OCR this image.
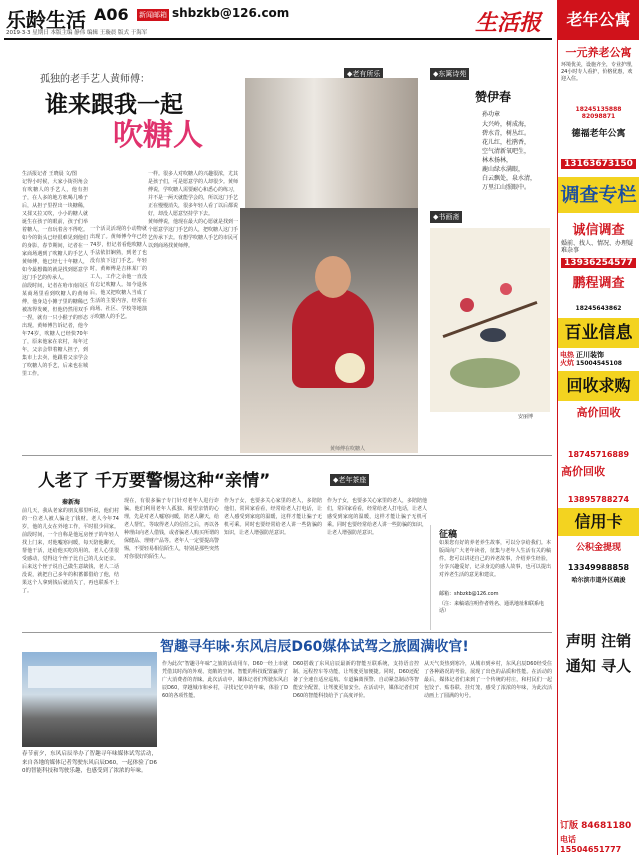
乐龄生活 A06 新闻邮箱 shbzkb@126.com
2019·3·3 星期日 本版主编 静伟 编辑 王璇晨 版式 于海军	生活报
孤独的老手艺人黄师傅：
谁来跟我一起
吹糖人
◆老有所乐
生活报记者 王晓晨 文/图
记得小时候，大家小街拐角会有吹糖人的手艺人，他有担子，在人多的地方吆喝几嗓子后，从担子里捏出一块糖稀，又揉又拉又吹，小小的糖人就诞生在孩子的眼前，孩子们举着糖人，一直玩着舍不得吃。如今的街头已经很难见到他们的身影，春节期间，记者在一家商场遇到了吹糖人的手艺人黄师傅，他已经七十年糖人，如今最想做的就是找到愿意学这门手艺的传承人。
前段时间，记者在哈市南岗区某商场里看到吹糖人的黄师傅，他身边小摊子里的糖稀已被冻得发硬，但他仍然用双手一捏，就有一只小猴子的形态出现。黄师傅告诉记者，他今年74岁，吹糖人已经快70年了，原来他家在农村，每年过年，父亲会带着糖人担子，到集市上去卖，他跟着父亲学会了吹糖人的手艺，后来也在城里工作。
一个活灵活现的小动物就出现了。黄师傅今年已经74岁，但记者看他吹糖人手法依旧娴熟，到老了也没有放下这门手艺。年轻时，黄师傅是吉林某厂的工人，工作之余他一直没有忘记吹糖人。如今退休后，他又把吹糖人当成了生活的主要内容，经常在商场、社区、学校等地演示吹糖人的手艺。
一样。很多人对吹糖人的兴趣很浓，尤其是孩子们，可是愿意学的人却很少。黄师傅说，学吹糖人需要耐心和悉心的练习，并不是一两天就能学会的，所以这门手艺正在慢慢消失，很多年轻人看了以后都说好，却没人愿意坚持学下去。
黄师傅说，他现在最大的心愿就是找到一个愿意学这门手艺的人，把吹糖人这门手艺传承下去。有想学吹糖人手艺的市民可以到商场找黄师傅。
黄师傅在吹糖人
◆东篱诗苑
赞伊春
孙功章
大兴岭，树成海，
碧水青，树丛红。
花儿红，杜鹃香，
空气清新氧吧生，
林木扬林，
鹿山绿水满眼，
白云飘处，泉水清，
万里江山照眼中。
◆书画斋
安丽博
人老了 千万要警惕这种“亲情”	◆老年茶座
秦新海
前几天，我从老家的朋友那里听说，他们村的一位老人被人骗走了钱财。老人今年74岁，他的儿女在外地工作，平时很少回家。前段时间，一个自称是他远房侄子的年轻人找上门来，对他嘘寒问暖，每天陪他聊天，帮他干活，还给他买吃的用的。老人心里很受感动，觉得这个侄子比自己的儿女还亲。后来这个侄子说自己做生意缺钱，老人二话没说，就把自己多年的积蓄都借给了他，结果这个人拿到钱后就消失了，再也联系不上了。
现在，有很多骗子专门针对老年人进行诈骗。他们利用老年人孤独、渴望亲情的心理，先是对老人嘘寒问暖，陪老人聊天，给老人帮忙，等取得老人的信任之后，再以各种理由向老人借钱，或者骗老人购买所谓的保健品、理财产品等。老年人一定要提高警惕，不要轻易相信陌生人，特别是那些突然对你很好的陌生人。
作为子女，也要多关心家里的老人，多陪陪他们，常回家看看，经常给老人打电话，让老人感受到家庭的温暖，这样才能让骗子无机可乘。同时也要经常给老人讲一些防骗的知识，让老人增强防范意识。
作为子女，也要多关心家里的老人，多陪陪他们，常回家看看，经常给老人打电话，让老人感受到家庭的温暖，这样才能让骗子无机可乘。同时也要经常给老人讲一些防骗的知识，让老人增强防范意识。	征稿
如果您有好的养老养生故事，可以分享给我们。本版面向广大老年读者，征集与老年人生活有关的稿件。您可以讲述自己的养老故事，介绍养生经验，分享兴趣爱好，记录身边的感人故事，也可以提出对养老生活的意见和建议。
邮箱：shbzkb@126.com
（注：来稿请注明作者姓名、通讯地址和联系电话）
智趣寻年味·东风启辰D60媒体试驾之旅圆满收官!
春节前夕，东风启辰举办了智趣寻年味媒体试驾活动，来自各地的媒体记者驾驶东风启辰D60，一起体验了D60的智能科技和驾驶乐趣，也感受到了浓浓的年味。
作为此次“智趣寻年味”之旅的活动用车，D60一经上市就凭借其时尚的外观、宽敞的空间、智能的科技配置赢得了广大消费者的青睐。此次活动中，媒体记者们驾驶东风启辰D60，穿越城市和乡村，寻找记忆中的年味，体验了D60的各项性能。
D60搭载了东风启辰最新的智能互联系统，支持语音控制、远程控车等功能，让驾驶更加便捷。同时，D60还配备了全速自适应巡航、车道偏离预警、自动紧急制动等智能安全配置，让驾驶更加安全。在活动中，媒体记者们对D60的智能科技给予了高度评价。
从天气炎热到寒冷，从城市到乡村，东风启辰D60经受住了各种路况的考验，展现了出色的品质和性能。在活动的最后，媒体记者们来到了一个传统的村庄，和村民们一起包饺子、贴春联、挂灯笼，感受了浓浓的年味，为此次活动画上了圆满的句号。
老年公寓
一元养老公寓
环境优美，设施齐全，专业护理，24小时专人看护，价格优惠，欢迎入住。
18245135888 82098871
德福老年公寓
13163673150
调查专栏
诚信调查
婚前、找人、情况、办理疑难杂事
13936254577
鹏程调查
18245643862
百业信息
电热
火炕
正川装饰
15004545108
回收求购
高价回收
18745716889
高价回收
13895788274
信用卡
公积金提现
13349988858
哈尔滨市道外区疏浚
声明 注销
通知 寻人
订版 84681180
电话 15504651777
